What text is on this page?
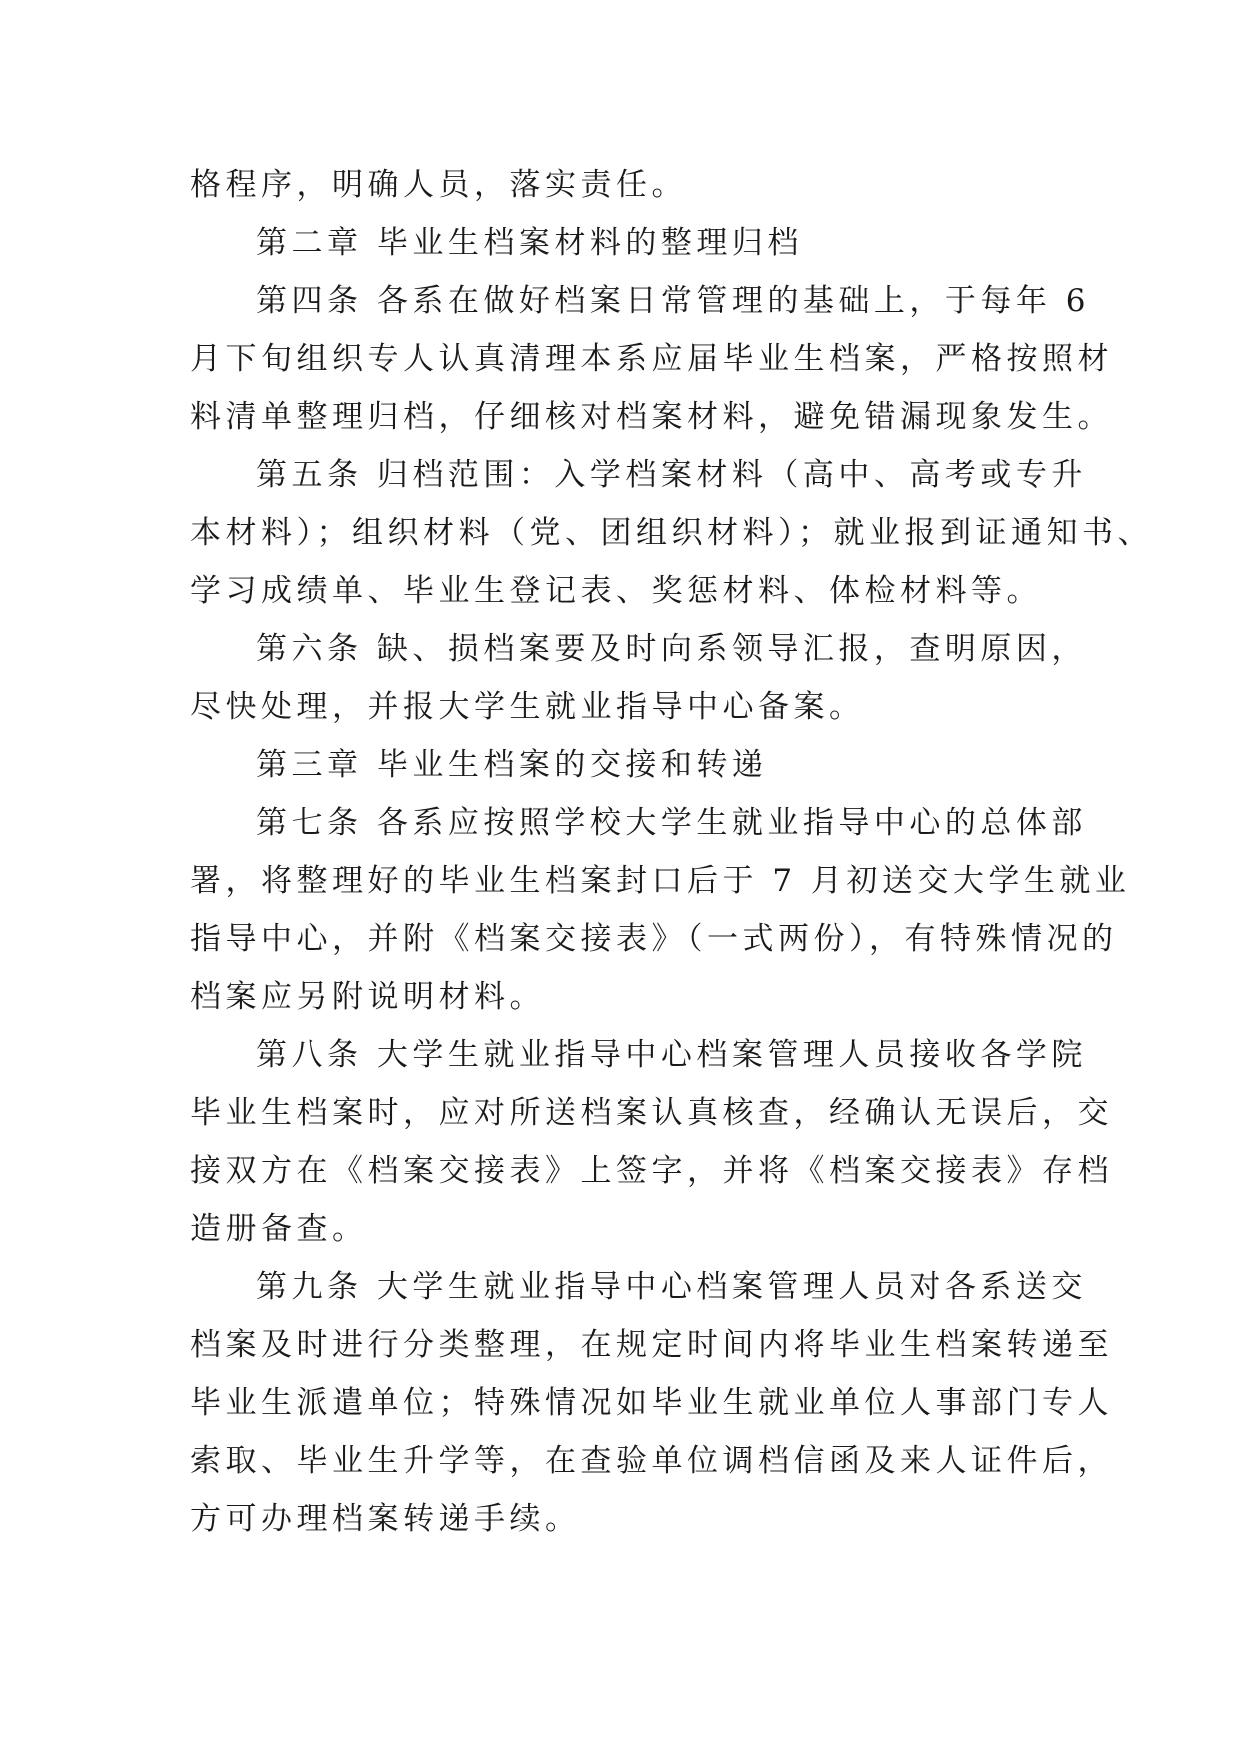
格程序，明确人员，落实责任。
第二章 毕业生档案材料的整理归档
第四条 各系在做好档案日常管理的基础上，于每年 6
月下旬组织专人认真清理本系应届毕业生档案，严格按照材
料清单整理归档，仔细核对档案材料，避免错漏现象发生。
第五条 归档范围：入学档案材料（高中、高考或专升
本材料）；组织材料（党、团组织材料）；就业报到证通知书、
学习成绩单、毕业生登记表、奖惩材料、体检材料等。
第六条 缺、损档案要及时向系领导汇报，查明原因，
尽快处理，并报大学生就业指导中心备案。
第三章 毕业生档案的交接和转递
第七条 各系应按照学校大学生就业指导中心的总体部
署，将整理好的毕业生档案封口后于 7 月初送交大学生就业
指导中心，并附《档案交接表》（一式两份），有特殊情况的
档案应另附说明材料。
第八条 大学生就业指导中心档案管理人员接收各学院
毕业生档案时，应对所送档案认真核查，经确认无误后，交
接双方在《档案交接表》上签字，并将《档案交接表》存档
造册备查。
第九条 大学生就业指导中心档案管理人员对各系送交
档案及时进行分类整理，在规定时间内将毕业生档案转递至
毕业生派遣单位；特殊情况如毕业生就业单位人事部门专人
索取、毕业生升学等，在查验单位调档信函及来人证件后，
方可办理档案转递手续。
